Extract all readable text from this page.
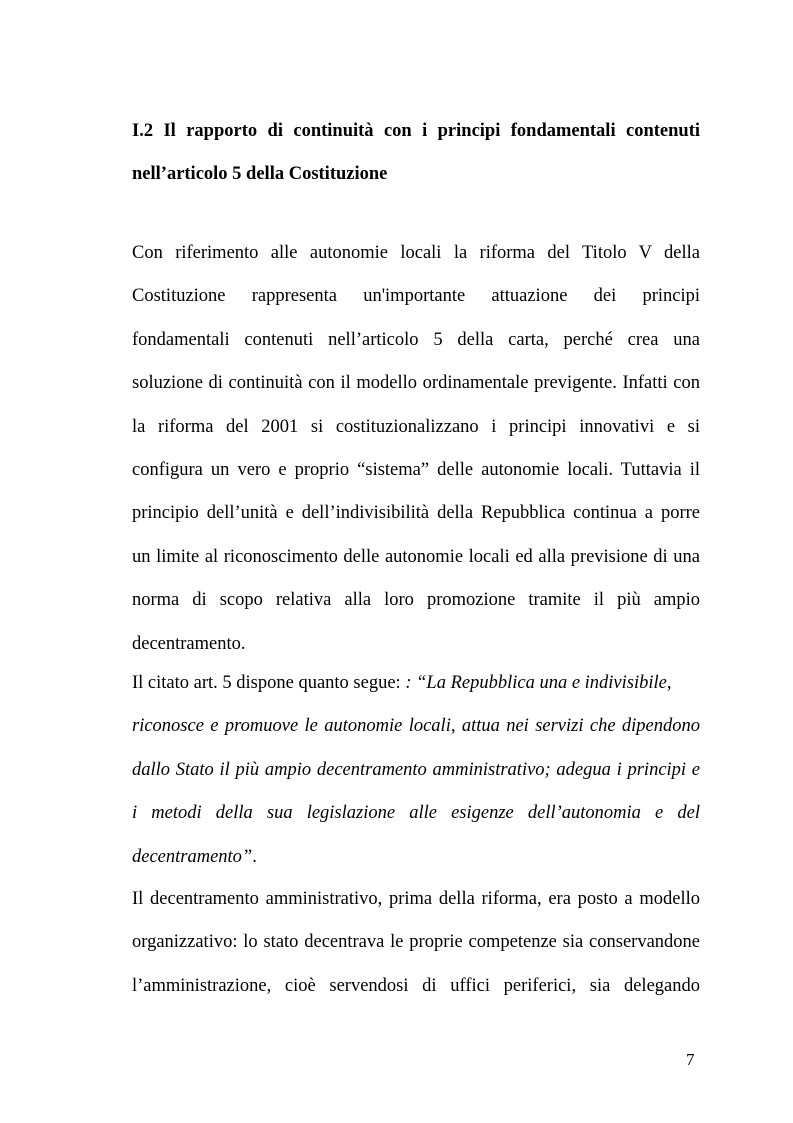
I.2 Il rapporto di continuità con i principi fondamentali contenuti
nell’articolo 5 della Costituzione

Con riferimento alle autonomie locali la riforma del Titolo V della
Costituzione rappresenta un'importante attuazione dei principi
fondamentali contenuti nell’articolo 5 della carta, perché crea una
soluzione di continuità con il modello ordinamentale previgente. Infatti con
la riforma del 2001 si costituzionalizzano i principi innovativi e si
configura un vero e proprio “sistema” delle autonomie locali. Tuttavia il
principio dell’unità e dell’indivisibilità della Repubblica continua a porre
un limite al riconoscimento delle autonomie locali ed alla previsione di una
norma di scopo relativa alla loro promozione tramite il più ampio
decentramento.

Il citato art. 5 dispone quanto segue: : “La Repubblica una e indivisibile,
riconosce e promuove le autonomie locali, attua nei servizi che dipendono
dallo Stato il più ampio decentramento amministrativo; adegua i principi e
i metodi della sua legislazione alle esigenze dell’autonomia e del
decentramento”.

Il decentramento amministrativo, prima della riforma, era posto a modello
organizzativo: lo stato decentrava le proprie competenze sia conservandone
l’amministrazione, cioè servendosi di uffici periferici, sia delegando

7
